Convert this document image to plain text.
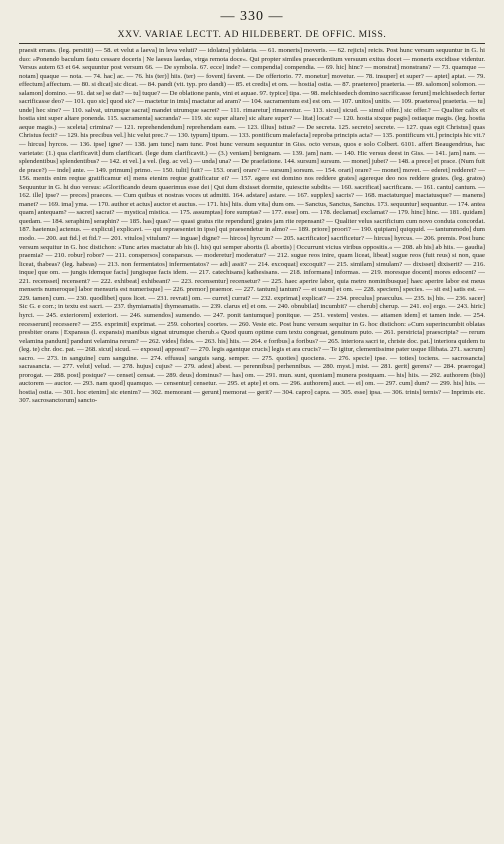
— 330 —
XXV. VARIAE LECTT. AD HILDEBERT. DE OFFIC. MISS.
praesit errans. (leg. persitit) — 58. et velut a laeva] in leva veluti? — idolatra] ydolatria. — 61. moneris] moveris. — 62. rejicis] reicis. Post hunc versum sequuntur in G. hi duo: »Ponendo baculum fastu cessare doceris | Ne laesus laedas, virga remota doce«. Qui propter similes praecedentium versuum exitus docet — moneris excidisse videntur. Versus autem 63 et 64. sequuntur post versum 66. — De symbola. 67. ecce] inde? — compendia] compendia. — 69. hic] hinc? — monstrat] monstrans? — 73. quamque — notam] quaque — nota. — 74. hac] ac. — 76. his (ter)] hiis. (ter) — fovent] favent. — De offertorio. 77. monetur] movetur. — 78. insuper] et super? — aptet] aptat. — 79. effectum] affectum. — 80. si dicat] sic dicat. — 84. pandi (vit. typ. pro dandi) — 85. et credis] et om. — hostia] ostia. — 87. praetereo] praeteria. — 89. salomon] solomon. — salamon] domino. — 91. dat se] se dat? — tu] tuque? — De oblatione panis, vini et aquae. 97. typice] tipa. — 98. melchisedech domino sacrificasse ferunt] melchisedech fertur sacrificasse deo? — 101. quo sic] quod sic? — mactetur in imis] mactatur ad aram? — 104. sacramentum est] est om. — 107. unitos] unitis. — 109. praeterea] praeteria. — tu] unde] hec sine? — 110. salvat, utrumque sacrat] mandet utrumque sacret? — 111. rimaretur] rimarentur. — 113. sicut] sicud. — simul offer.] sic offer.? — Qualiter calix et hostia sint super altare ponenda. 115. sacramenta] sacranda? — 119. sic super altare] sic altare super? — litat] locat? — 120. hostia sixque pagis] ostiaque magis. (leg. hostia aeque magis.) — sceleta] crimina? — 121. reprehendendum] reprehendam eam. — 123. illius] istius? — De secreta. 125. secreto] secrete. — 127. quas egit Christus] quas Christus fecit? — 129. his precibus vel.] hic velut prec.? — 130. typum] tipum. — 133. pontificum malefacta] reproba principis acta? — 135. pontificum vit.] principis hic vit.? — hircus] hyrcos. — 136. ipse] igne? — 138. jam tunc] nam tunc. Post hunc versum sequuntur in Giss. octo versus, quos e solo Colbert. 6101. affert Beaugendrius, hac varietate: (1.) qua clarificavit] dum clarificari. (lege dum clarificavit.) — (3.) veniam] benignam. — 139. jam] nam. — 140. Hic versus deest in Giss. — 141. jam] nam. — splendentibus] splendentibus? — 142. et vel.] a vel. (leg. ac vel.) — unda] una? — De praefatione. 144. sursum] sursum. — monet] jubet? — 148. a prece] et prace. (Num fuit de prace?) — inde] ante. — 149. primum] primo. — 150. tulit] fuit? — 153. orari] orare? — sursum] sorsum. — 154. orari] orare? — monet] movet. — ederet] redderet? — 156. mentis enim reqtue gratificamur ei] mens etenim reqtue gratificatur ei? — 157. agere est domino nos reddere grates] agereque deo nos reddere grates. (leg. gratos) Sequuntur in G. hi duo versus: »Glorificando deum quaerimus esse dei | Qui dum dixisset dormite, quiescite subdit« — 160. sacrificat] sacrificans. — 161. cantu] cantum. — 162. ille] ipse? — preces] praeces. — Cum quibus et nostras voces ut admitti. 164. adstare] astare. — 167. supplex] sacris? — 168. mactaturque] mactatusque? — manens] manet? — 169. ima] yma. — 170. author et actus] auctor et auctus. — 171. his] hiis. dum vita] dum om. — Sanctus, Sanctus, Sanctus. 173. sequuntur] sequantur. — 174. antea quam] antequam? — sacret] sacrat? — mystica] mistica. — 175. assumptas] fore sumptas? — 177. esse] om. — 178. declamat] exclamat? — 179. hinc] hinc. — 181. quidam] quedam. — 184. seraphim] seraphin? — 185. has] quas? — quasi gratus rite rependunt] grates jam rite repensant? — Qualiter velus sacrificium cum novo conduta concordat. 187. haetenus] actenus. — explicui] explicavi. — qui repraesentet in ipso] qui praesendetur in almo? — 189. priore] proori? — 190. quipiam] quiqquid. — tantummodo] dum modo. — 200. aut fid.] et fid.? — 201. vitulos] vitulum? — inguae] digne? — hircos] hyrcum? — 205. sacrificator] sacrificetur? — hircus] hyrcus. — 206. premis. Post hunc versum sequitur in G. hoc distichon: »Tunc aries mactatur ab his (l. his) qui semper abortis (l. abortis) | Occurrunt vicius viribus oppositis.« — 208. ab his] ab hiis. — gaudia] praemia? — 210. robur] robor? — 211. conspersos] consparsus. — moderetur] moderatur? — 212. sugue reos inire, quam liceat, libeat] sugue reos (fuit reus) si non, quae liceat, thabeas? (leg. habeas) — 213. non fermentatos] infermentatos? — adi] assit? — 214. excoquat] excoquit? — 215. similam] simulam? — dixisset] dixiserit? — 216. inque] que om. — jungis idemque facis] jungisque facis idem. — 217. catechisans] kathesisans. — 218. informans] informas. — 219. moresque docent] mores edocent? — 221. recensset] recensent? — 222. exhibeat] exhibeant? — 223. recensentur] recensetur? — 225. haec aperire labor, quia metro nominibusque] haec aperire labor est meus menseris numeroque] labor mensuris est numerisque] — 226. premor] praemor. — 227. tantum] tantum? — et usum] et om. — 228. speciem] species. — sit est] satis est. — 229. tamen] cum. — 230. quodlibet] quos licet. — 231. revrati] om. — curret] currat? — 232. exprimat] explicat? — 234. preculus] praeculus. — 235. is] his. — 236. sacer] Sic G. e corr.; in textu est sacri. — 237. thymiamatis] thymeamatis. — 239. clarus et] et om. — 240. obnubilat] incumbit? — cherub] cherup. — 241. eo] ergo. — 243. hiric] hyrci. — 245. exteriorem] exteriori. — 246. sumendos] sumendo. — 247. ponit tantumque] ponitque. — 251. vestem] vestes. — attamen idem] et tamen inde. — 254. recesserunt] recessere? — 255. exprimit] exprimat. — 259. cohortes] coortes. — 260. Veste etc. Post hunc versum sequitur in G. hoc distichon: »Cum superincumbit oblatas presbiter orans | Expansus (l. expansis) manibus signat utrumque cherub.« Quod quum optime cum textu congruat, genuinum puto. — 261. perstricta] praescripta? — rerum velamina pandunt] pandunt velamina rerum? — 262. vides] fides. — 263. his] hiis. — 264. e foribus] a foribus? — 265. interiora sacri te, christe doc. pat.] interiora quidem tu (leg. te) chr. doc. pat. — 268. sicut] sicud. — exposui] apposui? — 270. legis agantque crucis] legis et ara crucis? — Te igitur, clementissime pater usque Illibata. 271. sacrum] sacro. — 273. in sanguine] cum sanguine. — 274. effusus] sanguis sang. semper. — 275. quoties] quociens. — 276. specie] ipse. — toties] tociens. — sacrosancta] sacrasancta. — 277. velut] velud. — 278. hujus] cujus? — 279. adest] abest. — perennibus] perhennibus. — 280. myst.] mist. — 281. gerit] gerens? — 284. praerogat] prorogat. — 288. post] postque? — censet] censat. — 289. deus] dominus? — has] om. — 291. mun. sunt, quoniam] munera postquam. — his] hiis. — 292. authorem (bis)] auctorem — auctor. — 293. nam quod] quamquo. — censentur] censetur. — 295. et apte] et om. — 296. authorem] auct. — ei] om. — 297. cum] dum? — 299. his] hiis. — hostia] ostia. — 301. hoc etenim] sic etenim? — 302. memorant — gerunt] memorat — gerit? — 304. capro] capra. — 305. esse] ipsa. — 306. trinis] ternis? — Inprimis etc. 307. sacrosanctorum] sancto-
